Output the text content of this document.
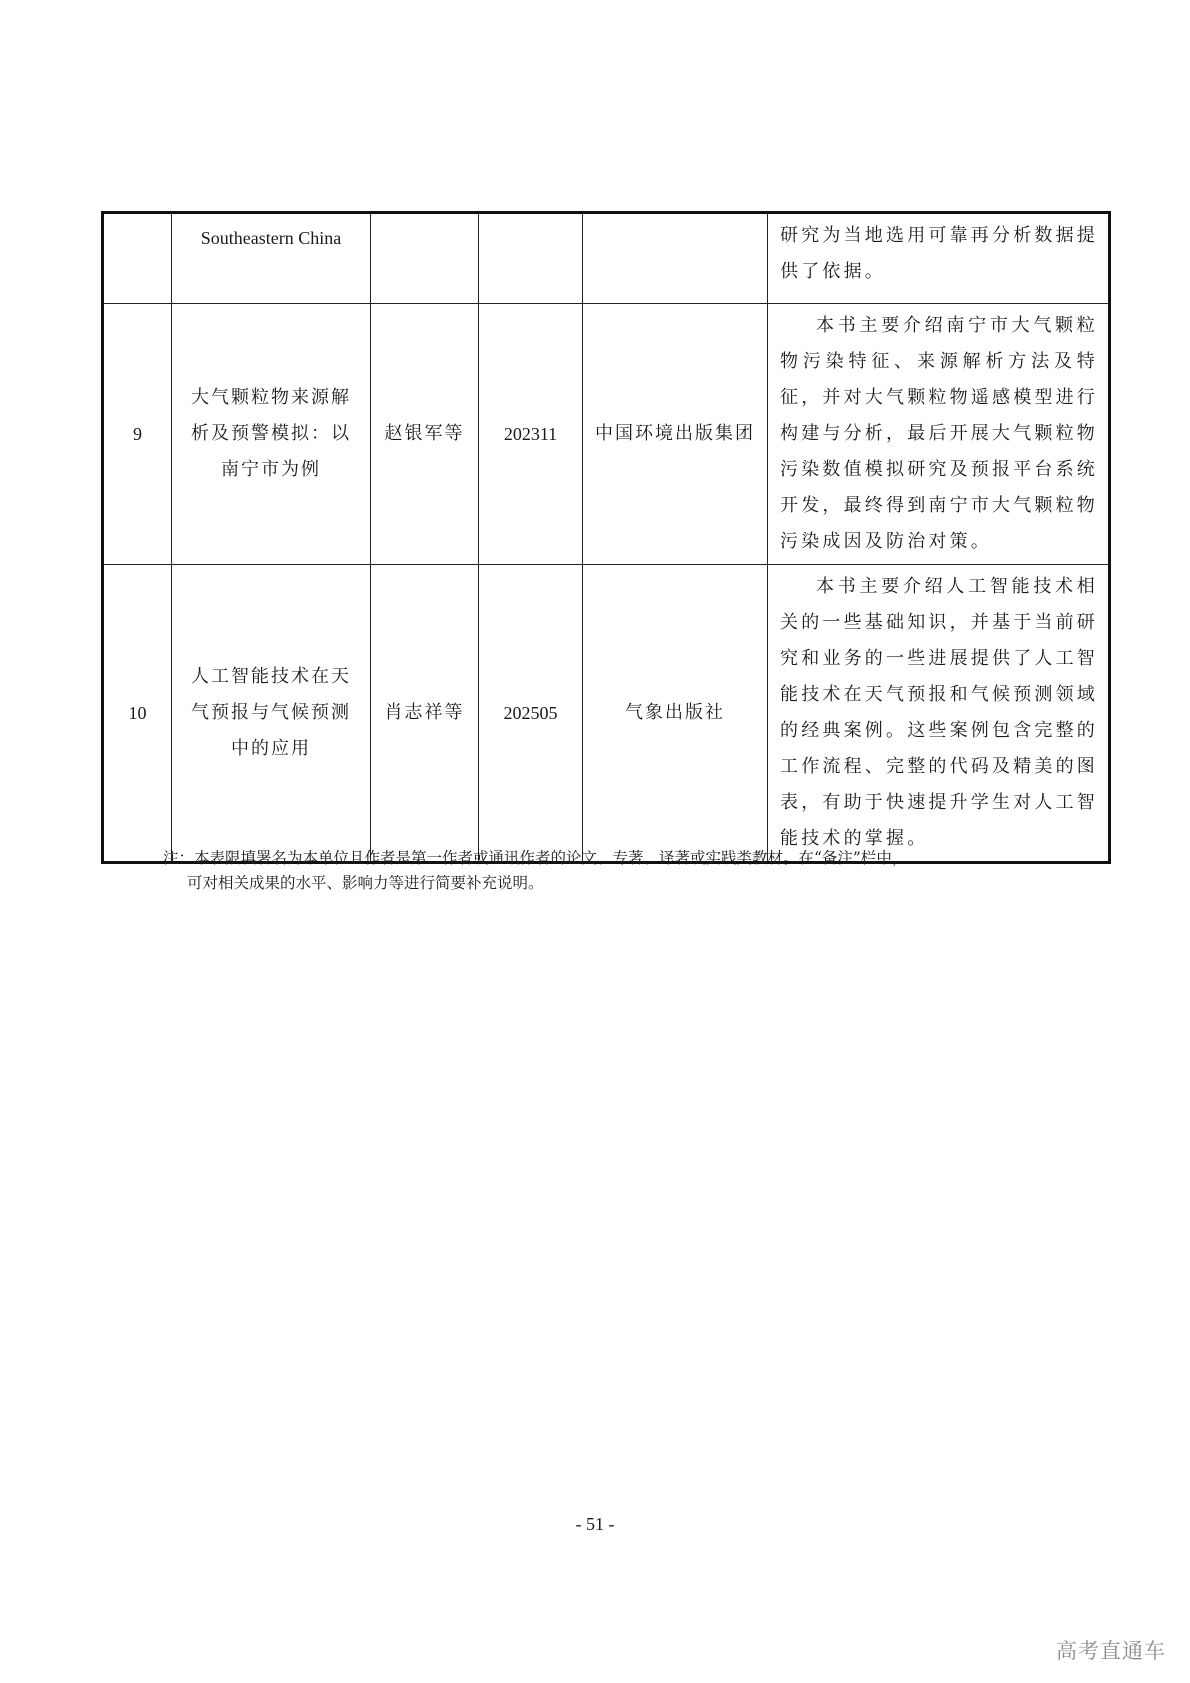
	Southeastern China				研究为当地选用可靠再分析数据提供了依据。
9	大气颗粒物来源解析及预警模拟：以南宁市为例	赵银军等	202311	中国环境出版集团	本书主要介绍南宁市大气颗粒物污染特征、来源解析方法及特征，并对大气颗粒物遥感模型进行构建与分析，最后开展大气颗粒物污染数值模拟研究及预报平台系统开发，最终得到南宁市大气颗粒物污染成因及防治对策。
10	人工智能技术在天气预报与气候预测中的应用	肖志祥等	202505	气象出版社	本书主要介绍人工智能技术相关的一些基础知识，并基于当前研究和业务的一些进展提供了人工智能技术在天气预报和气候预测领域的经典案例。这些案例包含完整的工作流程、完整的代码及精美的图表，有助于快速提升学生对人工智能技术的掌握。
注：本表限填署名为本单位且作者是第一作者或通讯作者的论文、专著、译著或实践类教材。在“备注”栏中，
可对相关成果的水平、影响力等进行简要补充说明。
- 51 -
高考直通车
